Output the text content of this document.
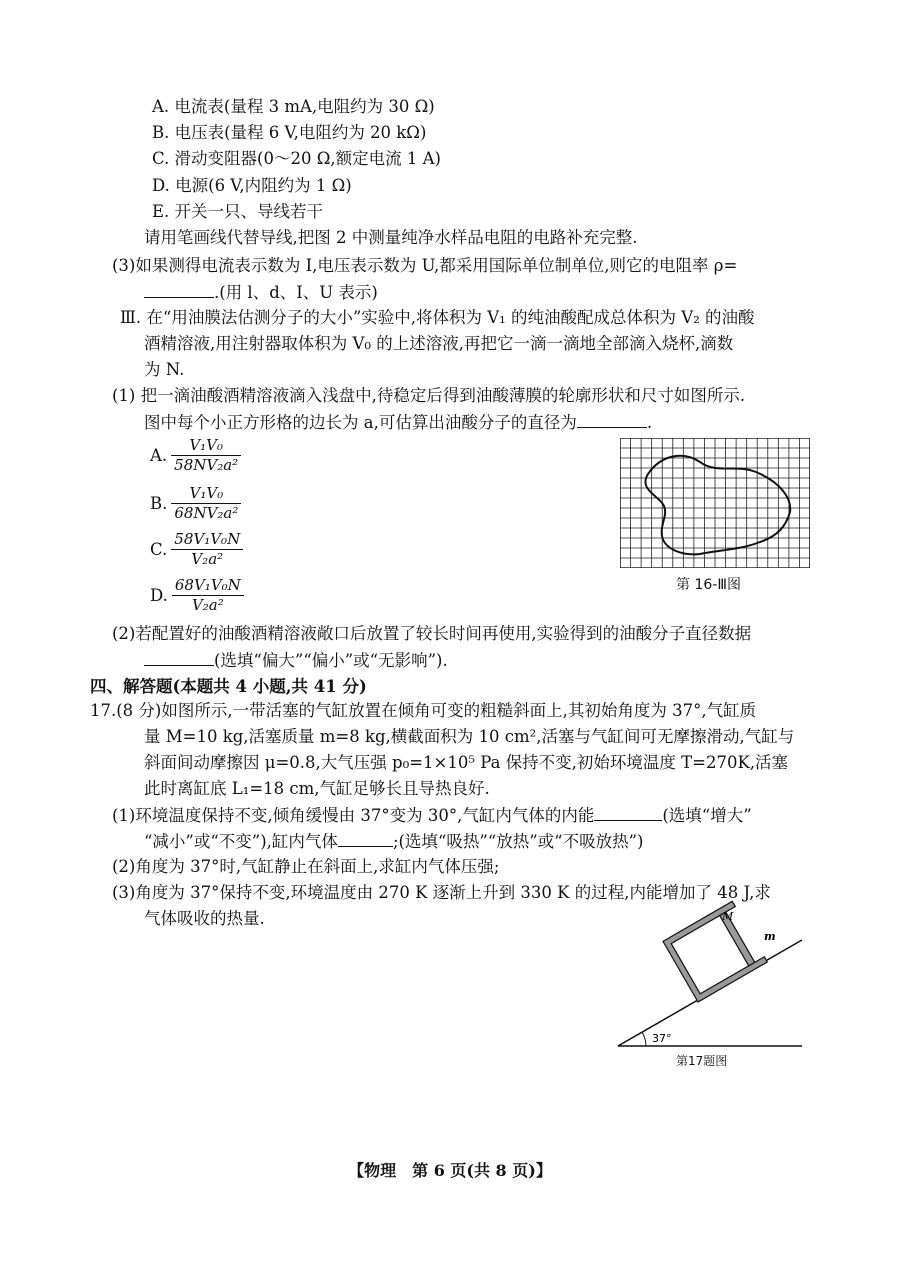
A. 电流表(量程 3 mA,电阻约为 30 Ω)
B. 电压表(量程 6 V,电阻约为 20 kΩ)
C. 滑动变阻器(0～20 Ω,额定电流 1 A)
D. 电源(6 V,内阻约为 1 Ω)
E. 开关一只、导线若干
请用笔画线代替导线,把图 2 中测量纯净水样品电阻的电路补充完整.
(3)如果测得电流表示数为 I,电压表示数为 U,都采用国际单位制单位,则它的电阻率 ρ=
.(用 l、d、I、U 表示)
Ⅲ. 在“用油膜法估测分子的大小”实验中,将体积为 V₁ 的纯油酸配成总体积为 V₂ 的油酸
酒精溶液,用注射器取体积为 V₀ 的上述溶液,再把它一滴一滴地全部滴入烧杯,滴数
为 N.
(1) 把一滴油酸酒精溶液滴入浅盘中,待稳定后得到油酸薄膜的轮廓形状和尺寸如图所示.
图中每个小正方形格的边长为 a,可估算出油酸分子的直径为	.
A. $\frac{\text{V₁V₀}}{\text{58NV₂a²}}$
B. $\frac{\text{V₁V₀}}{\text{68NV₂a²}}$
C. $\frac{\text{58V₁V₀N}}{\text{V₂a²}}$
D. $\frac{\text{68V₁V₀N}}{\text{V₂a²}}$	第 16-Ⅲ图
(2)若配置好的油酸酒精溶液敞口后放置了较长时间再使用,实验得到的油酸分子直径数据
(选填“偏大”“偏小”或“无影响”).
四、解答题(本题共 4 小题,共 41 分)
17.(8 分)如图所示,一带活塞的气缸放置在倾角可变的粗糙斜面上,其初始角度为 37°,气缸质
量 M=10 kg,活塞质量 m=8 kg,横截面积为 10 cm²,活塞与气缸间可无摩擦滑动,气缸与
斜面间动摩擦因 μ=0.8,大气压强 p₀=1×10⁵ Pa 保持不变,初始环境温度 T=270K,活塞
此时离缸底 L₁=18 cm,气缸足够长且导热良好.
(1)环境温度保持不变,倾角缓慢由 37°变为 30°,气缸内气体的内能	(选填“增大”
“减小”或“不变”),缸内气体	;(选填“吸热”“放热”或“不吸放热”)
(2)角度为 37°时,气缸静止在斜面上,求缸内气体压强;
(3)角度为 37°保持不变,环境温度由 270 K 逐渐上升到 330 K 的过程,内能增加了 48 J,求
气体吸收的热量.
37°
M
m
第17题图
【物理　第 6 页(共 8 页)】
